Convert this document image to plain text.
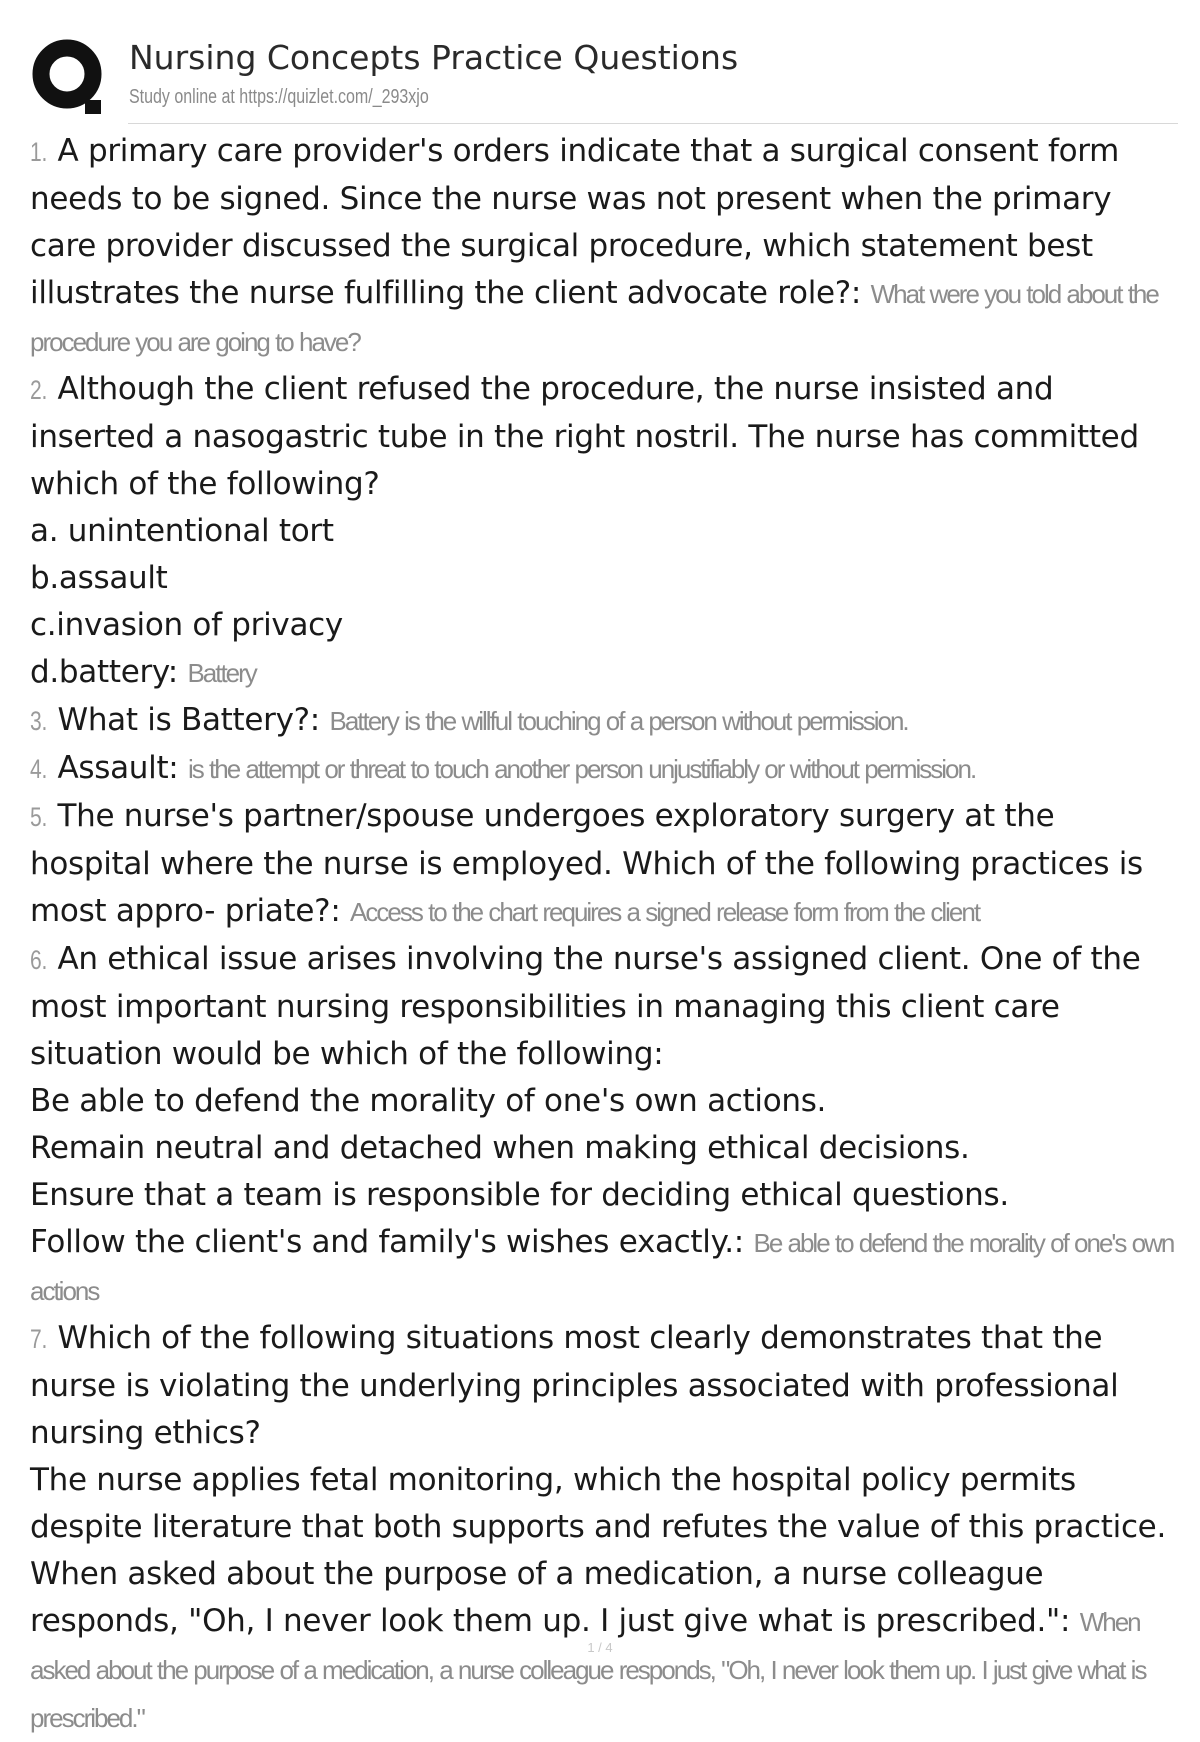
Nursing Concepts Practice Questions
Study online at https://quizlet.com/_293xjo

1. A primary care provider's orders indicate that a surgical consent form needs to be signed. Since the nurse was not present when the primary care provider discussed the surgical procedure, which statement best illustrates the nurse fulfilling the client advocate role?: What were you told about the procedure you are going to have?

2. Although the client refused the procedure, the nurse insisted and inserted a nasogastric tube in the right nostril. The nurse has committed which of the following?

a. unintentional tort

b.assault

c.invasion of privacy

d.battery: Battery

3. What is Battery?: Battery is the willful touching of a person without permission.

4. Assault: is the attempt or threat to touch another person unjustifiably or without permission.

5. The nurse's partner/spouse undergoes exploratory surgery at the hospital where the nurse is employed. Which of the following practices is most appro- priate?: Access to the chart requires a signed release form from the client

6. An ethical issue arises involving the nurse's assigned client. One of the most important nursing responsibilities in managing this client care situation would be which of the following:

Be able to defend the morality of one's own actions.

Remain neutral and detached when making ethical decisions.

Ensure that a team is responsible for deciding ethical questions.

Follow the client's and family's wishes exactly.: Be able to defend the morality of one's own actions

7. Which of the following situations most clearly demonstrates that the nurse is violating the underlying principles associated with professional nursing ethics?

The nurse applies fetal monitoring, which the hospital policy permits despite literature that both supports and refutes the value of this practice.

When asked about the purpose of a medication, a nurse colleague responds, "Oh, I never look them up. I just give what is prescribed.": When asked about the purpose of a medication, a nurse colleague responds, "Oh, I never look them up. I just give what is prescribed."

1 / 4
